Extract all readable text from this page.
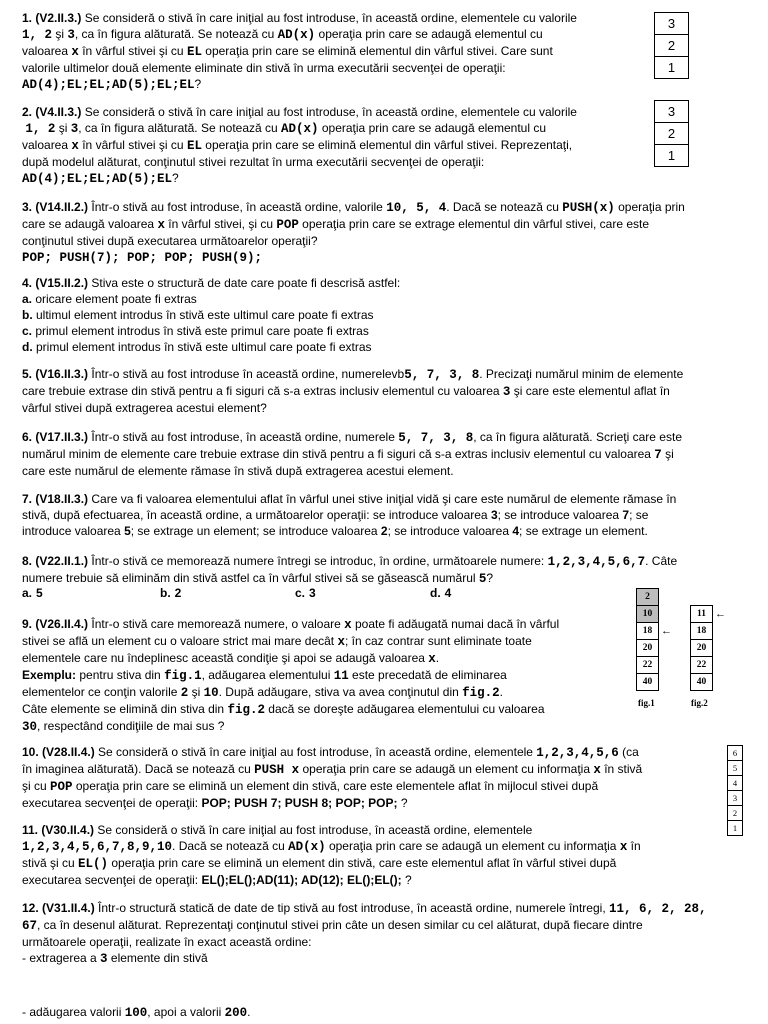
1. (V2.II.3.) Se consideră o stivă în care iniţial au fost introduse, în această ordine, elementele cu valorile
1, 2 şi 3, ca în figura alăturată. Se notează cu AD(x) operaţia prin care se adaugă elementul cu
valoarea x în vârful stivei şi cu EL operaţia prin care se elimină elementul din vârful stivei. Care sunt
valorile ultimelor două elemente eliminate din stivă în urma executării secvenţei de operaţii:
AD(4);EL;EL;AD(5);EL;EL?
3
2
1
2. (V4.II.3.) Se consideră o stivă în care iniţial au fost introduse, în această ordine, elementele cu valorile
1, 2 şi 3, ca în figura alăturată. Se notează cu AD(x) operaţia prin care se adaugă elementul cu
valoarea x în vârful stivei şi cu EL operaţia prin care se elimină elementul din vârful stivei. Reprezentaţi,
după modelul alăturat, conţinutul stivei rezultat în urma executării secvenţei de operaţii:
AD(4);EL;EL;AD(5);EL?
3
2
1
3. (V14.II.2.) Într-o stivă au fost introduse, în această ordine, valorile 10, 5, 4. Dacă se notează cu PUSH(x) operaţia prin
care se adaugă valoarea x în vârful stivei, şi cu POP operaţia prin care se extrage elementul din vârful stivei, care este
conţinutul stivei după executarea următoarelor operaţii?
POP; PUSH(7); POP; POP; PUSH(9);
4. (V15.II.2.) Stiva este o structură de date care poate fi descrisă astfel:
a. oricare element poate fi extras
b. ultimul element introdus în stivă este ultimul care poate fi extras
c. primul element introdus în stivă este primul care poate fi extras
d. primul element introdus în stivă este ultimul care poate fi extras
5. (V16.II.3.) Într-o stivă au fost introduse în această ordine, numerelevb5, 7, 3, 8. Precizaţi numărul minim de elemente
care trebuie extrase din stivă pentru a fi siguri că s-a extras inclusiv elementul cu valoarea 3 şi care este elementul aflat în
vârful stivei după extragerea acestui element?
6. (V17.II.3.) Într-o stivă au fost introduse, în această ordine, numerele 5, 7, 3, 8, ca în figura alăturată. Scrieţi care este
numărul minim de elemente care trebuie extrase din stivă pentru a fi siguri că s-a extras inclusiv elementul cu valoarea 7 şi
care este numărul de elemente rămase în stivă după extragerea acestui element.
7. (V18.II.3.) Care va fi valoarea elementului aflat în vârful unei stive iniţial vidă şi care este numărul de elemente rămase în
stivă, după efectuarea, în această ordine, a următoarelor operaţii: se introduce valoarea 3; se introduce valoarea 7; se
introduce valoarea 5; se extrage un element; se introduce valoarea 2; se introduce valoarea 4; se extrage un element.
8. (V22.II.1.) Într-o stivă ce memorează numere întregi se introduc, în ordine, următoarele numere: 1,2,3,4,5,6,7. Câte
numere trebuie să eliminăm din stivă astfel ca în vârful stivei să se găsească numărul 5?
a. 5	b. 2	c. 3	d. 4
9. (V26.II.4.) Într-o stivă care memorează numere, o valoare x poate fi adăugată numai dacă în vârful
stivei se află un element cu o valoare strict mai mare decât x; în caz contrar sunt eliminate toate
elementele care nu îndeplinesc această condiţie şi apoi se adaugă valoarea x.
Exemplu: pentru stiva din fig.1, adăugarea elementului 11 este precedată de eliminarea
elementelor ce conţin valorile 2 şi 10. După adăugare, stiva va avea conţinutul din fig.2.
Câte elemente se elimină din stiva din fig.2 dacă se doreşte adăugarea elementului cu valoarea
30, respectând condiţiile de mai sus ?
2
10
18
←
20
22
40
11
←
18
20
22
40
fig.1	fig.2
10. (V28.II.4.) Se consideră o stivă în care iniţial au fost introduse, în această ordine, elementele 1,2,3,4,5,6 (ca
în imaginea alăturată). Dacă se notează cu PUSH x operaţia prin care se adaugă un element cu informaţia x în stivă
şi cu POP operaţia prin care se elimină un element din stivă, care este elementele aflat în mijlocul stivei după
executarea secvenţei de operaţii: POP; PUSH 7; PUSH 8; POP; POP; ?
6
5
4
3
2
1
11. (V30.II.4.) Se consideră o stivă în care iniţial au fost introduse, în această ordine, elementele
1,2,3,4,5,6,7,8,9,10. Dacă se notează cu AD(x) operaţia prin care se adaugă un element cu informaţia x în
stivă şi cu EL() operaţia prin care se elimină un element din stivă, care este elementul aflat în vârful stivei după
executarea secvenţei de operaţii: EL();EL();AD(11); AD(12); EL();EL(); ?
12. (V31.II.4.) Într-o structură statică de date de tip stivă au fost introduse, în această ordine, numerele întregi, 11, 6, 2, 28,
67, ca în desenul alăturat. Reprezentaţi conţinutul stivei prin câte un desen similar cu cel alăturat, după fiecare dintre
următoarele operaţii, realizate în exact această ordine:
- extragerea a 3 elemente din stivă
- adăugarea valorii 100, apoi a valorii 200.
